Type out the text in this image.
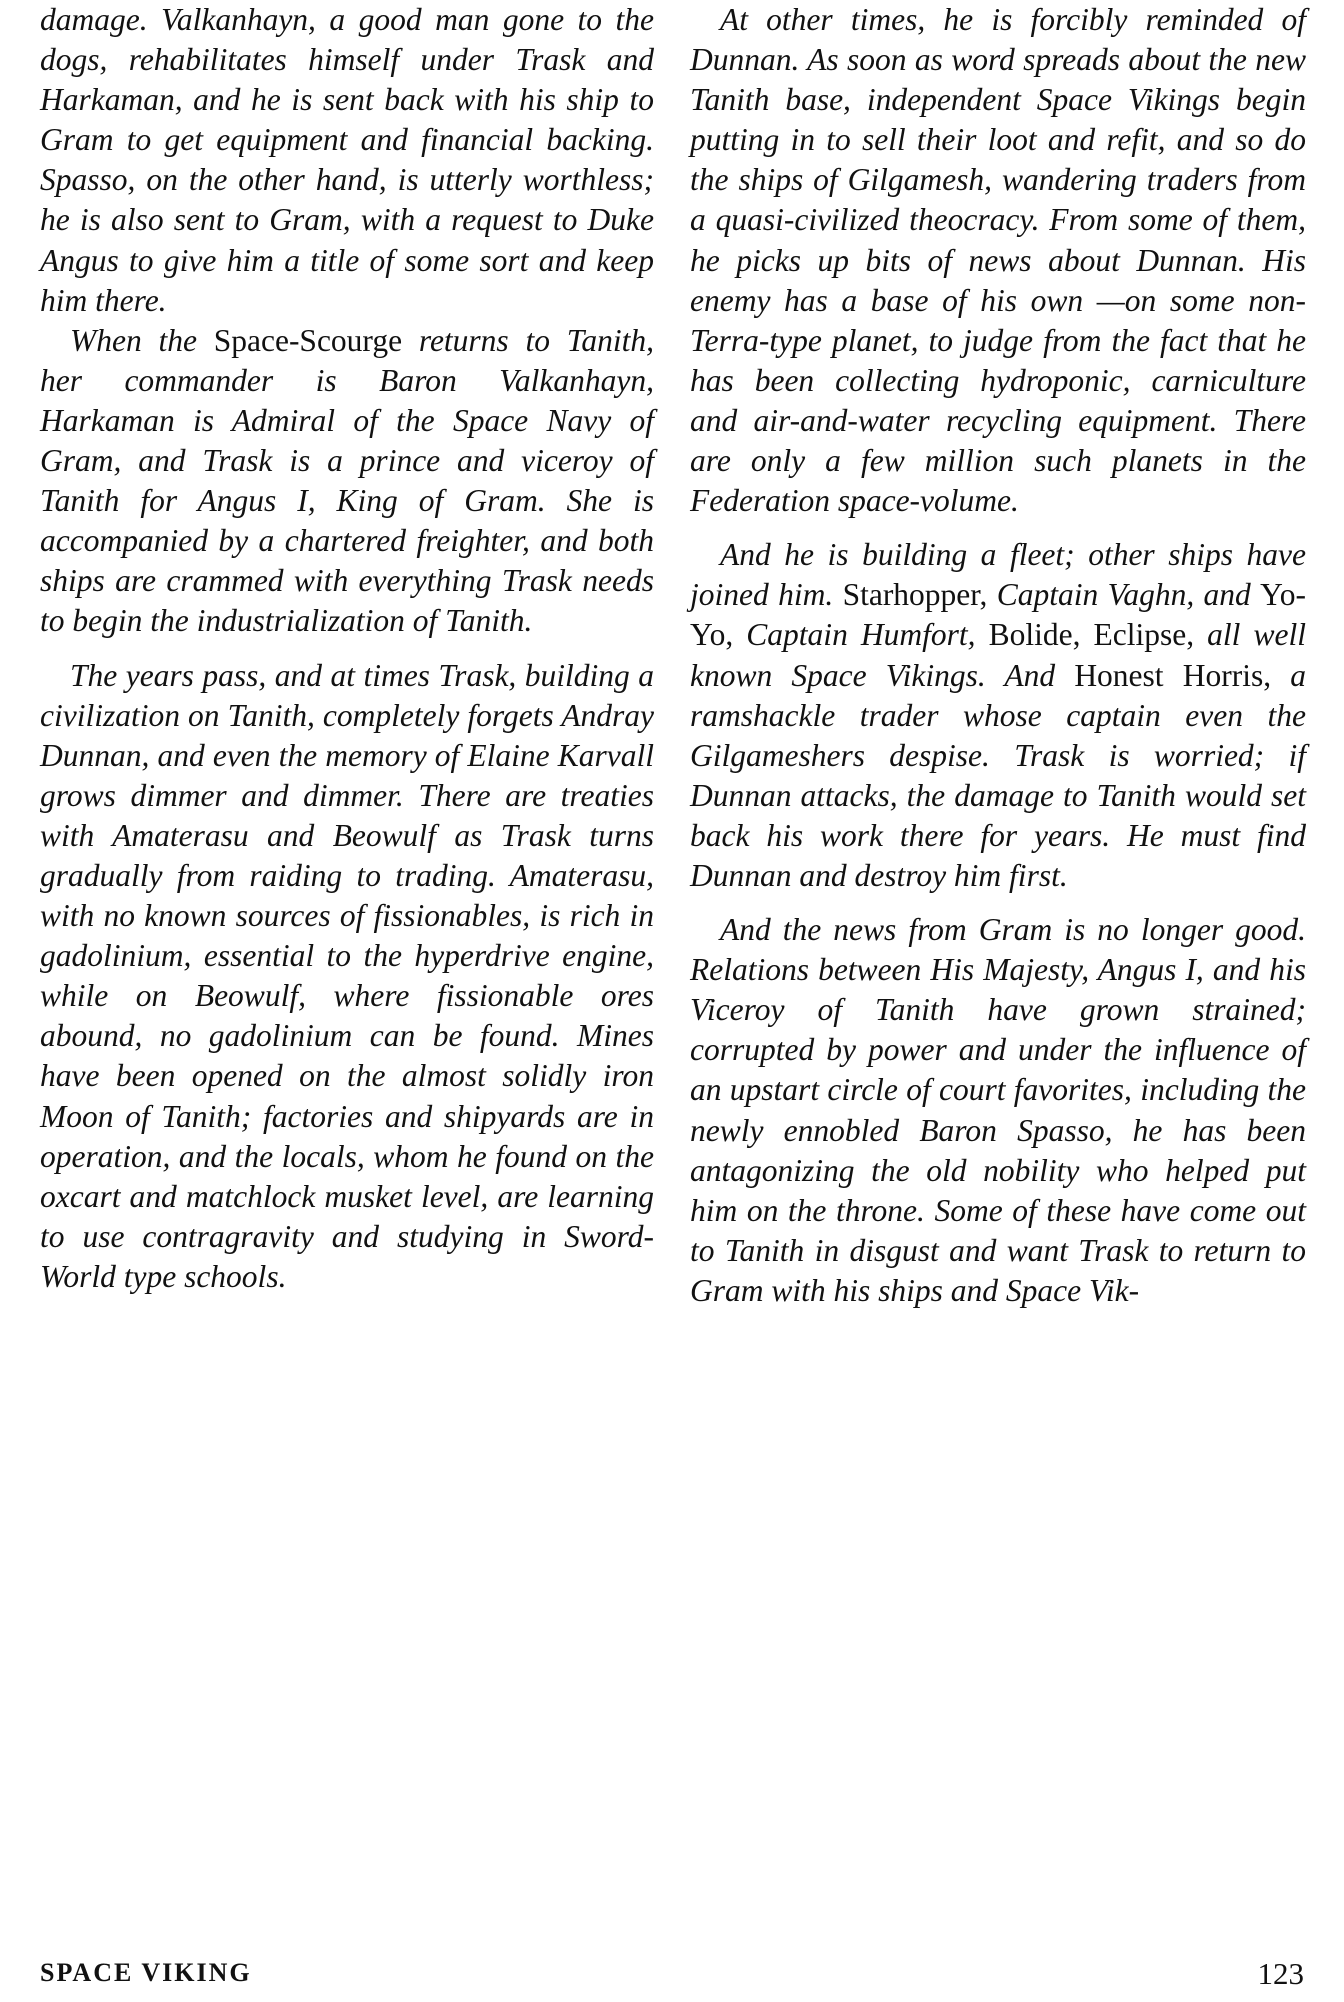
damage. Valkanhayn, a good man gone to the dogs, rehabilitates himself under Trask and Harkaman, and he is sent back with his ship to Gram to get equipment and financial backing. Spasso, on the other hand, is utterly worthless; he is also sent to Gram, with a request to Duke Angus to give him a title of some sort and keep him there.

When the Space-Scourge returns to Tanith, her commander is Baron Valkanhayn, Harkaman is Admiral of the Space Navy of Gram, and Trask is a prince and viceroy of Tanith for Angus I, King of Gram. She is accompanied by a chartered freighter, and both ships are crammed with everything Trask needs to begin the industrialization of Tanith.

The years pass, and at times Trask, building a civilization on Tanith, completely forgets Andray Dunnan, and even the memory of Elaine Karvall grows dimmer and dimmer. There are treaties with Amaterasu and Beowulf as Trask turns gradually from raiding to trading. Amaterasu, with no known sources of fissionables, is rich in gadolinium, essential to the hyperdrive engine, while on Beowulf, where fissionable ores abound, no gadolinium can be found. Mines have been opened on the almost solidly iron Moon of Tanith; factories and shipyards are in operation, and the locals, whom he found on the oxcart and matchlock musket level, are learning to use contragravity and studying in Sword-World type schools.

At other times, he is forcibly reminded of Dunnan. As soon as word spreads about the new Tanith base, independent Space Vikings begin putting in to sell their loot and refit, and so do the ships of Gilgamesh, wandering traders from a quasi-civilized theocracy. From some of them, he picks up bits of news about Dunnan. His enemy has a base of his own —on some non-Terra-type planet, to judge from the fact that he has been collecting hydroponic, carniculture and air-and-water recycling equipment. There are only a few million such planets in the Federation space-volume.

And he is building a fleet; other ships have joined him. Starhopper, Captain Vaghn, and Yo-Yo, Captain Humfort, Bolide, Eclipse, all well known Space Vikings. And Honest Horris, a ramshackle trader whose captain even the Gilgameshers despise. Trask is worried; if Dunnan attacks, the damage to Tanith would set back his work there for years. He must find Dunnan and destroy him first.

And the news from Gram is no longer good. Relations between His Majesty, Angus I, and his Viceroy of Tanith have grown strained; corrupted by power and under the influence of an upstart circle of court favorites, including the newly ennobled Baron Spasso, he has been antagonizing the old nobility who helped put him on the throne. Some of these have come out to Tanith in disgust and want Trask to return to Gram with his ships and Space Vik-

SPACE VIKING	123
